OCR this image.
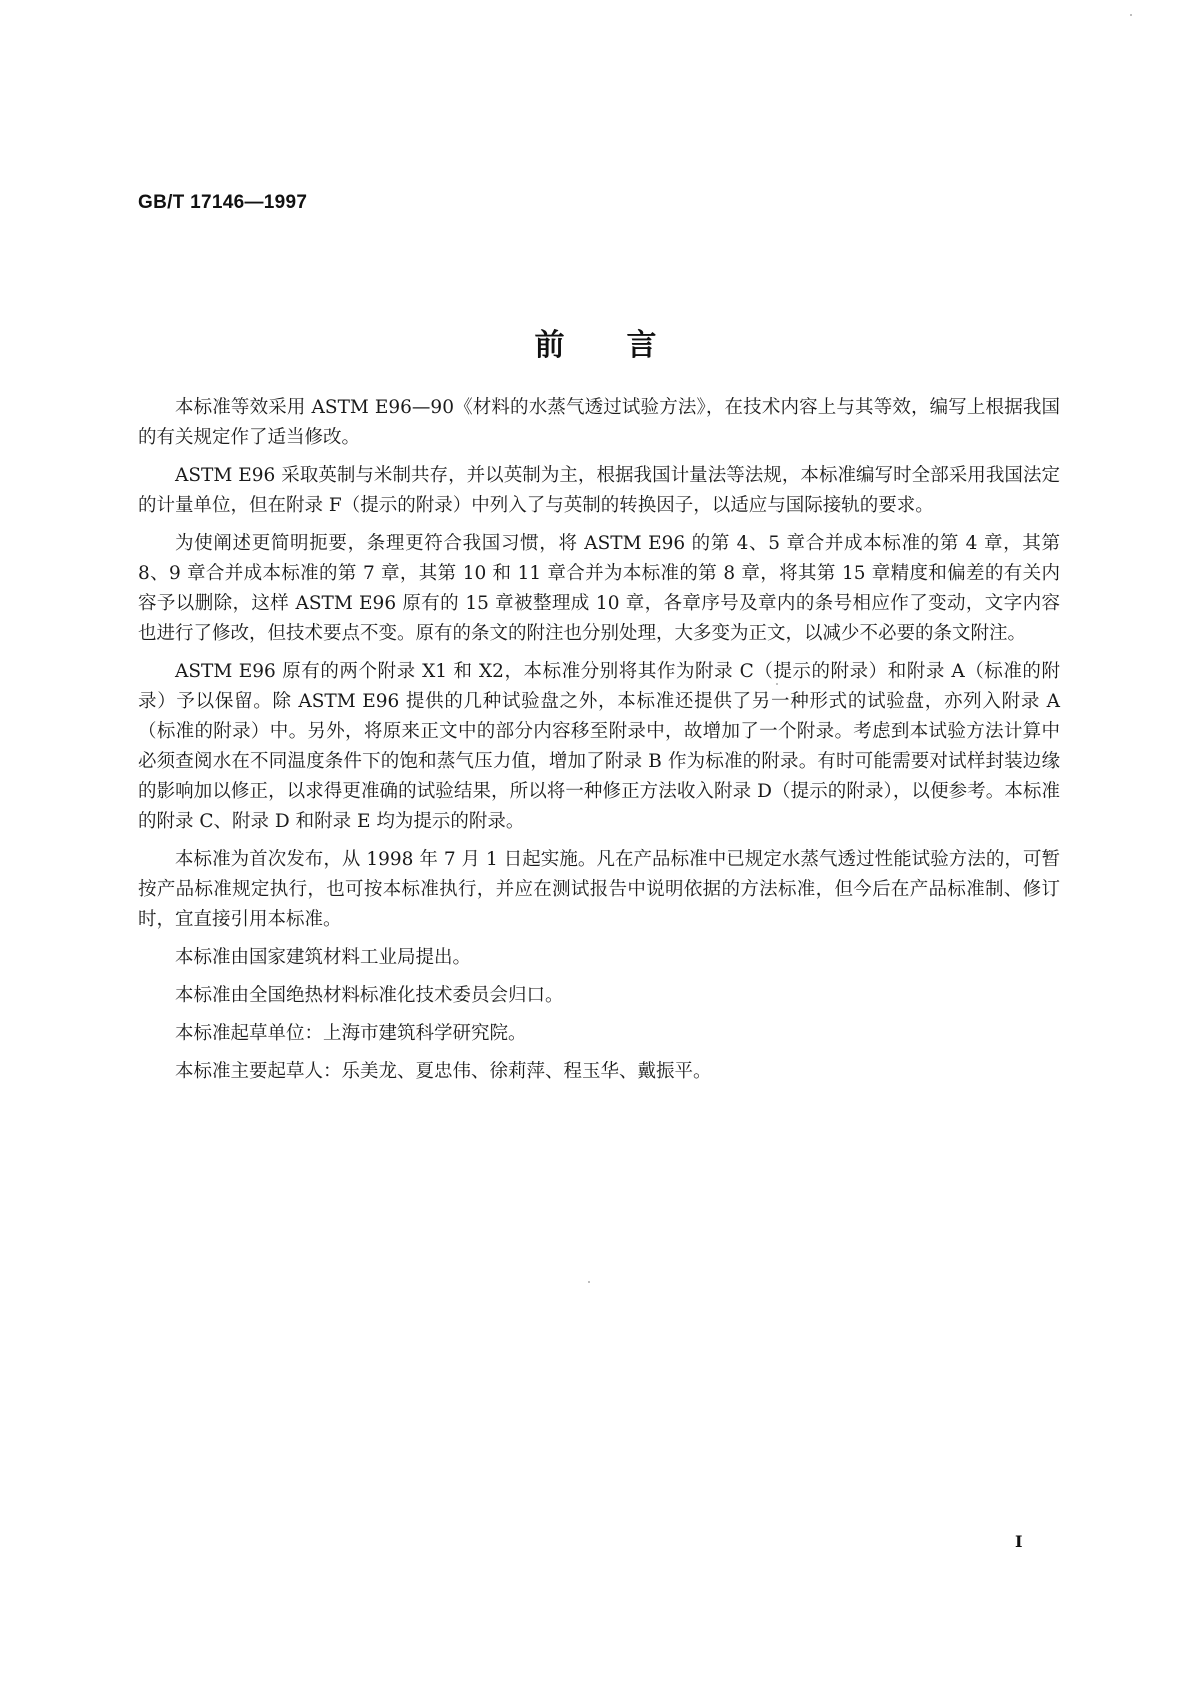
GB/T 17146—1997
前言

本标准等效采用 ASTM E96—90《材料的水蒸气透过试验方法》，在技术内容上与其等效，编写上根据我国的有关规定作了适当修改。

ASTM E96 采取英制与米制共存，并以英制为主，根据我国计量法等法规，本标准编写时全部采用我国法定的计量单位，但在附录 F（提示的附录）中列入了与英制的转换因子，以适应与国际接轨的要求。

为使阐述更简明扼要，条理更符合我国习惯，将 ASTM E96 的第 4、5 章合并成本标准的第 4 章，其第 8、9 章合并成本标准的第 7 章，其第 10 和 11 章合并为本标准的第 8 章，将其第 15 章精度和偏差的有关内容予以删除，这样 ASTM E96 原有的 15 章被整理成 10 章，各章序号及章内的条号相应作了变动，文字内容也进行了修改，但技术要点不变。原有的条文的附注也分别处理，大多变为正文，以减少不必要的条文附注。

ASTM E96 原有的两个附录 X1 和 X2，本标准分别将其作为附录 C（提示的附录）和附录 A（标准的附录）予以保留。除 ASTM E96 提供的几种试验盘之外，本标准还提供了另一种形式的试验盘，亦列入附录 A（标准的附录）中。另外，将原来正文中的部分内容移至附录中，故增加了一个附录。考虑到本试验方法计算中必须查阅水在不同温度条件下的饱和蒸气压力值，增加了附录 B 作为标准的附录。有时可能需要对试样封装边缘的影响加以修正，以求得更准确的试验结果，所以将一种修正方法收入附录 D（提示的附录），以便参考。本标准的附录 C、附录 D 和附录 E 均为提示的附录。

本标准为首次发布，从 1998 年 7 月 1 日起实施。凡在产品标准中已规定水蒸气透过性能试验方法的，可暂按产品标准规定执行，也可按本标准执行，并应在测试报告中说明依据的方法标准，但今后在产品标准制、修订时，宜直接引用本标准。

本标准由国家建筑材料工业局提出。

本标准由全国绝热材料标准化技术委员会归口。

本标准起草单位：上海市建筑科学研究院。

本标准主要起草人：乐美龙、夏忠伟、徐莉萍、程玉华、戴振平。

Ⅰ
